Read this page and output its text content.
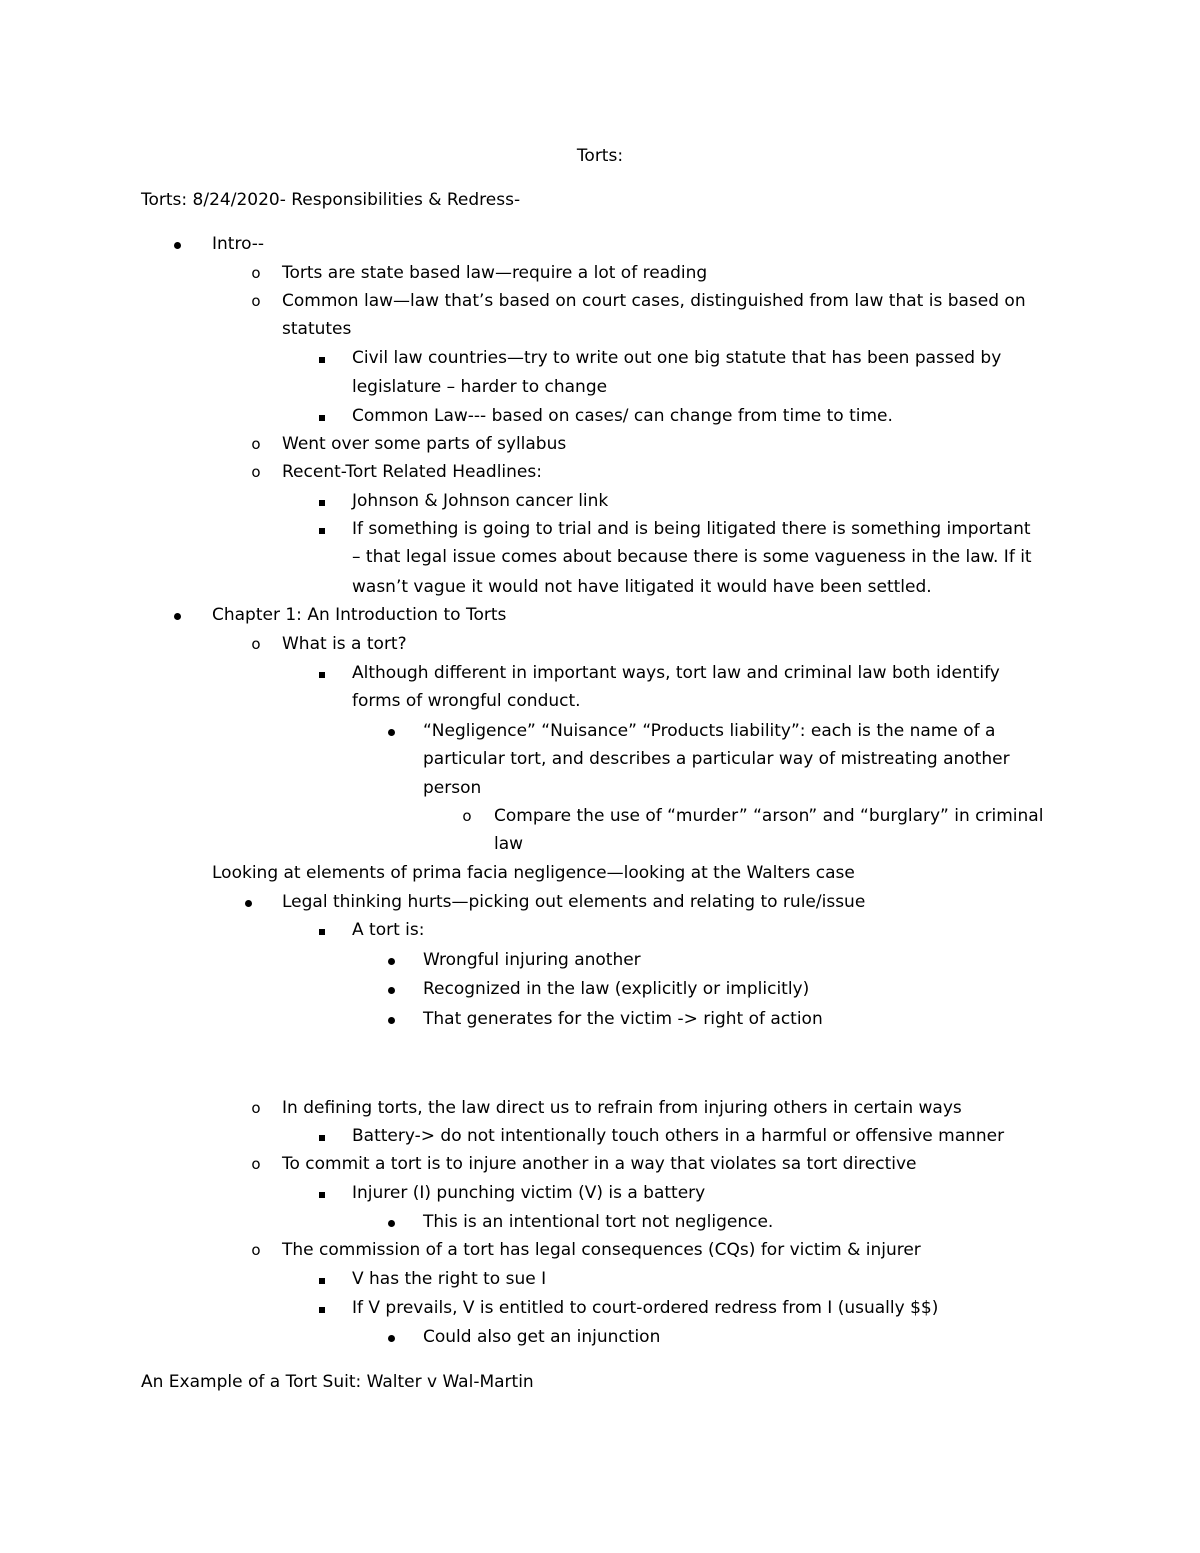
Torts:
Torts: 8/24/2020- Responsibilities & Redress-
Intro--
o Torts are state based law—require a lot of reading
o Common law—law that’s based on court cases, distinguished from law that is based on
statutes
Civil law countries—try to write out one big statute that has been passed by
legislature – harder to change
Common Law--- based on cases/ can change from time to time.
o Went over some parts of syllabus
o Recent-Tort Related Headlines:
Johnson & Johnson cancer link
If something is going to trial and is being litigated there is something important
– that legal issue comes about because there is some vagueness in the law. If it
wasn’t vague it would not have litigated it would have been settled.
Chapter 1: An Introduction to Torts
o What is a tort?
Although different in important ways, tort law and criminal law both identify
forms of wrongful conduct.
“Negligence” “Nuisance” “Products liability”: each is the name of a
particular tort, and describes a particular way of mistreating another
person
o Compare the use of “murder” “arson” and “burglary” in criminal
law
Looking at elements of prima facia negligence—looking at the Walters case
Legal thinking hurts—picking out elements and relating to rule/issue
A tort is:
Wrongful injuring another
Recognized in the law (explicitly or implicitly)
That generates for the victim -> right of action
o In defining torts, the law direct us to refrain from injuring others in certain ways
Battery-> do not intentionally touch others in a harmful or offensive manner
o To commit a tort is to injure another in a way that violates sa tort directive
Injurer (I) punching victim (V) is a battery
This is an intentional tort not negligence.
o The commission of a tort has legal consequences (CQs) for victim & injurer
V has the right to sue I
If V prevails, V is entitled to court-ordered redress from I (usually $$)
Could also get an injunction
An Example of a Tort Suit: Walter v Wal-Martin
